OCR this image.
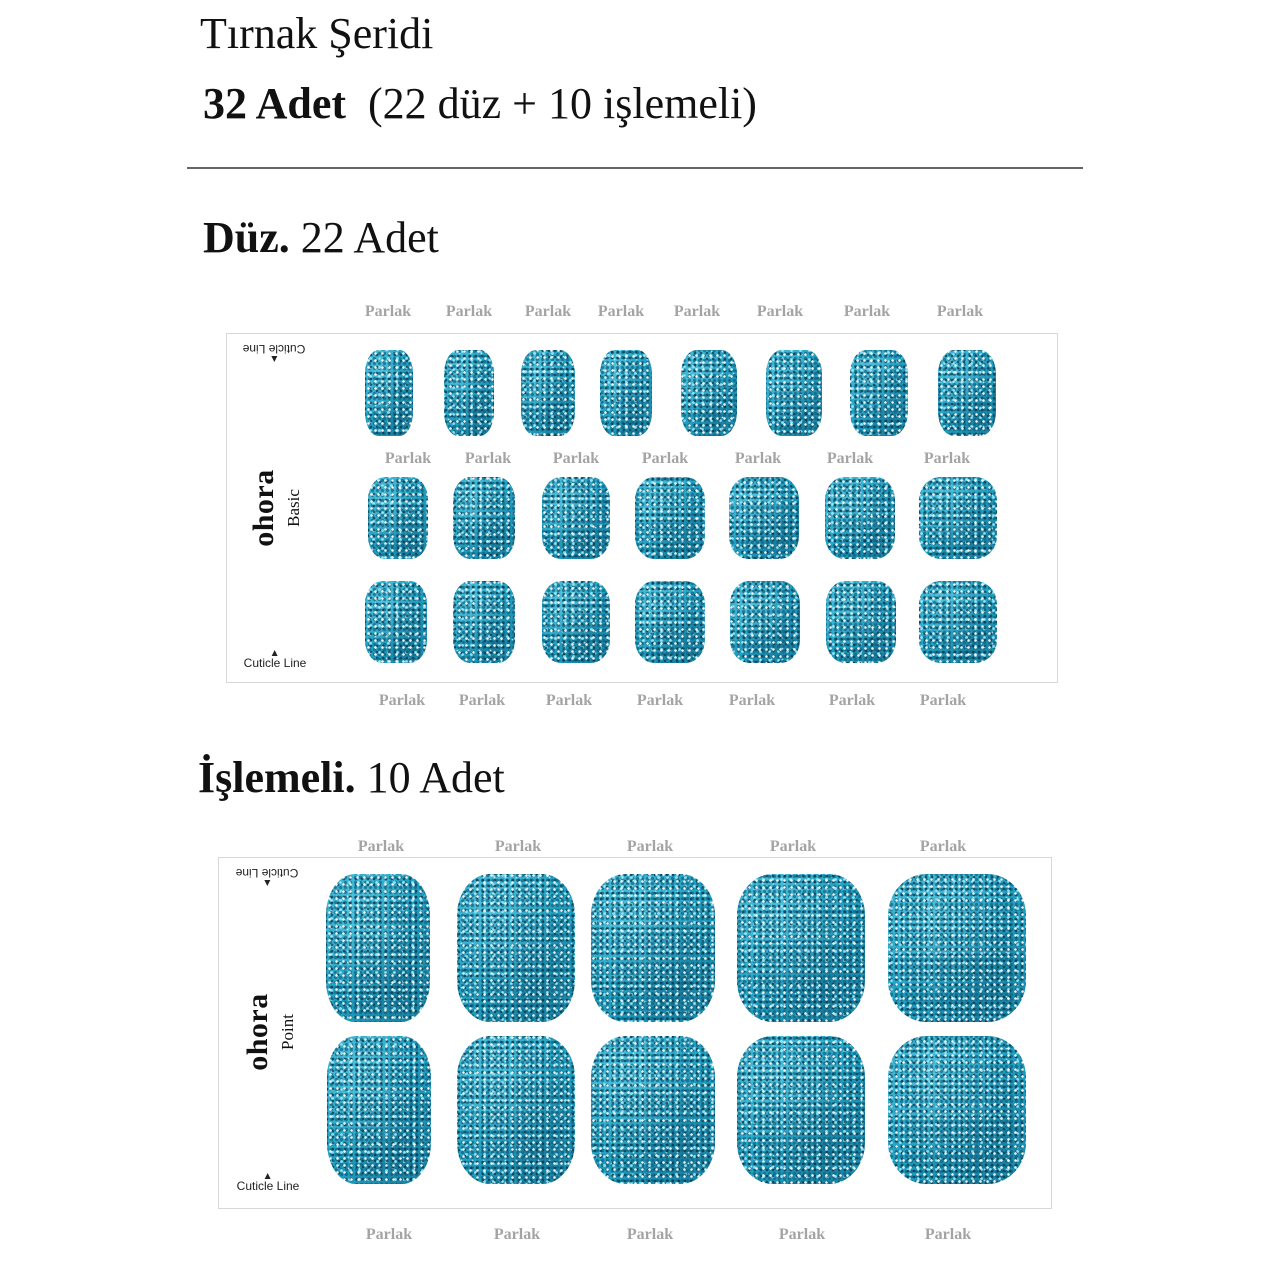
Tırnak Şeridi
32 Adet (22 düz + 10 işlemeli)
Düz. 22 Adet
ohora Basic
Cuticle Line
Cuticle Line
İşlemeli. 10 Adet
ohora Point
Cuticle Line
Cuticle Line
Parlak Parlak Parlak Parlak Parlak Parlak	Parlak	Parlak
Parlak Parlak	Parlak	Parlak	Parlak	Parlak	Parlak
Parlak Parlak	Parlak	Parlak	Parlak	Parlak	Parlak
Parlak	Parlak	Parlak	Parlak	Parlak
Parlak	Parlak	Parlak	Parlak	Parlak
